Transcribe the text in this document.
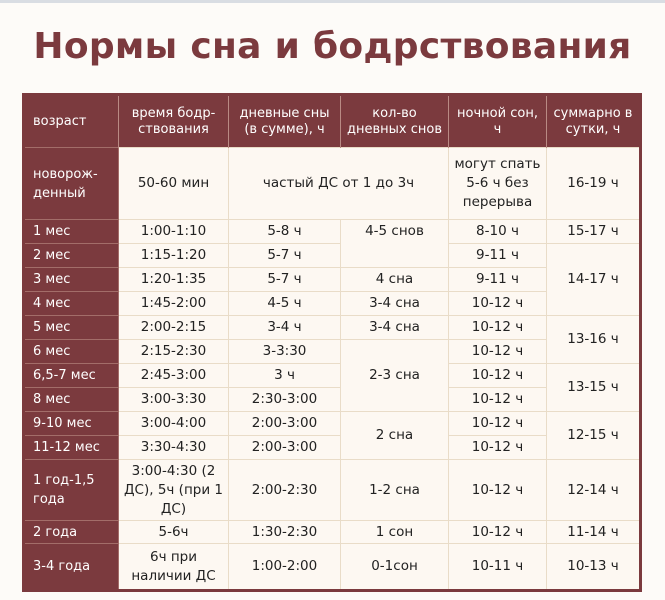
Нормы сна и бодрствования
возраст	время бодр-ствования	дневные сны (в сумме), ч	кол-во дневных снов	ночной сон, ч	суммарно в сутки, ч
новорож-денный	50-60 мин	частый ДС от 1 до 3ч		могут спать 5-6 ч без перерыва	16-19 ч
1 мес	1:00-1:10	5-8 ч	4-5 снов	8-10 ч	15-17 ч
2 мес	1:15-1:20	5-7 ч		9-11 ч	14-17 ч
3 мес	1:20-1:35	5-7 ч	4 сна	9-11 ч	
4 мес	1:45-2:00	4-5 ч	3-4 сна	10-12 ч	
5 мес	2:00-2:15	3-4 ч	3-4 сна	10-12 ч	13-16 ч
6 мес	2:15-2:30	3-3:30	2-3 сна	10-12 ч	
6,5-7 мес	2:45-3:00	3 ч		10-12 ч	13-15 ч
8 мес	3:00-3:30	2:30-3:00		10-12 ч	
9-10 мес	3:00-4:00	2:00-3:00	2 сна	10-12 ч	12-15 ч
11-12 мес	3:30-4:30	2:00-3:00		10-12 ч	
1 год-1,5 года	3:00-4:30 (2 ДС), 5ч (при 1 ДС)	2:00-2:30	1-2 сна	10-12 ч	12-14 ч
2 года	5-6ч	1:30-2:30	1 сон	10-12 ч	11-14 ч
3-4 года	6ч при наличии ДС	1:00-2:00	0-1сон	10-11 ч	10-13 ч
